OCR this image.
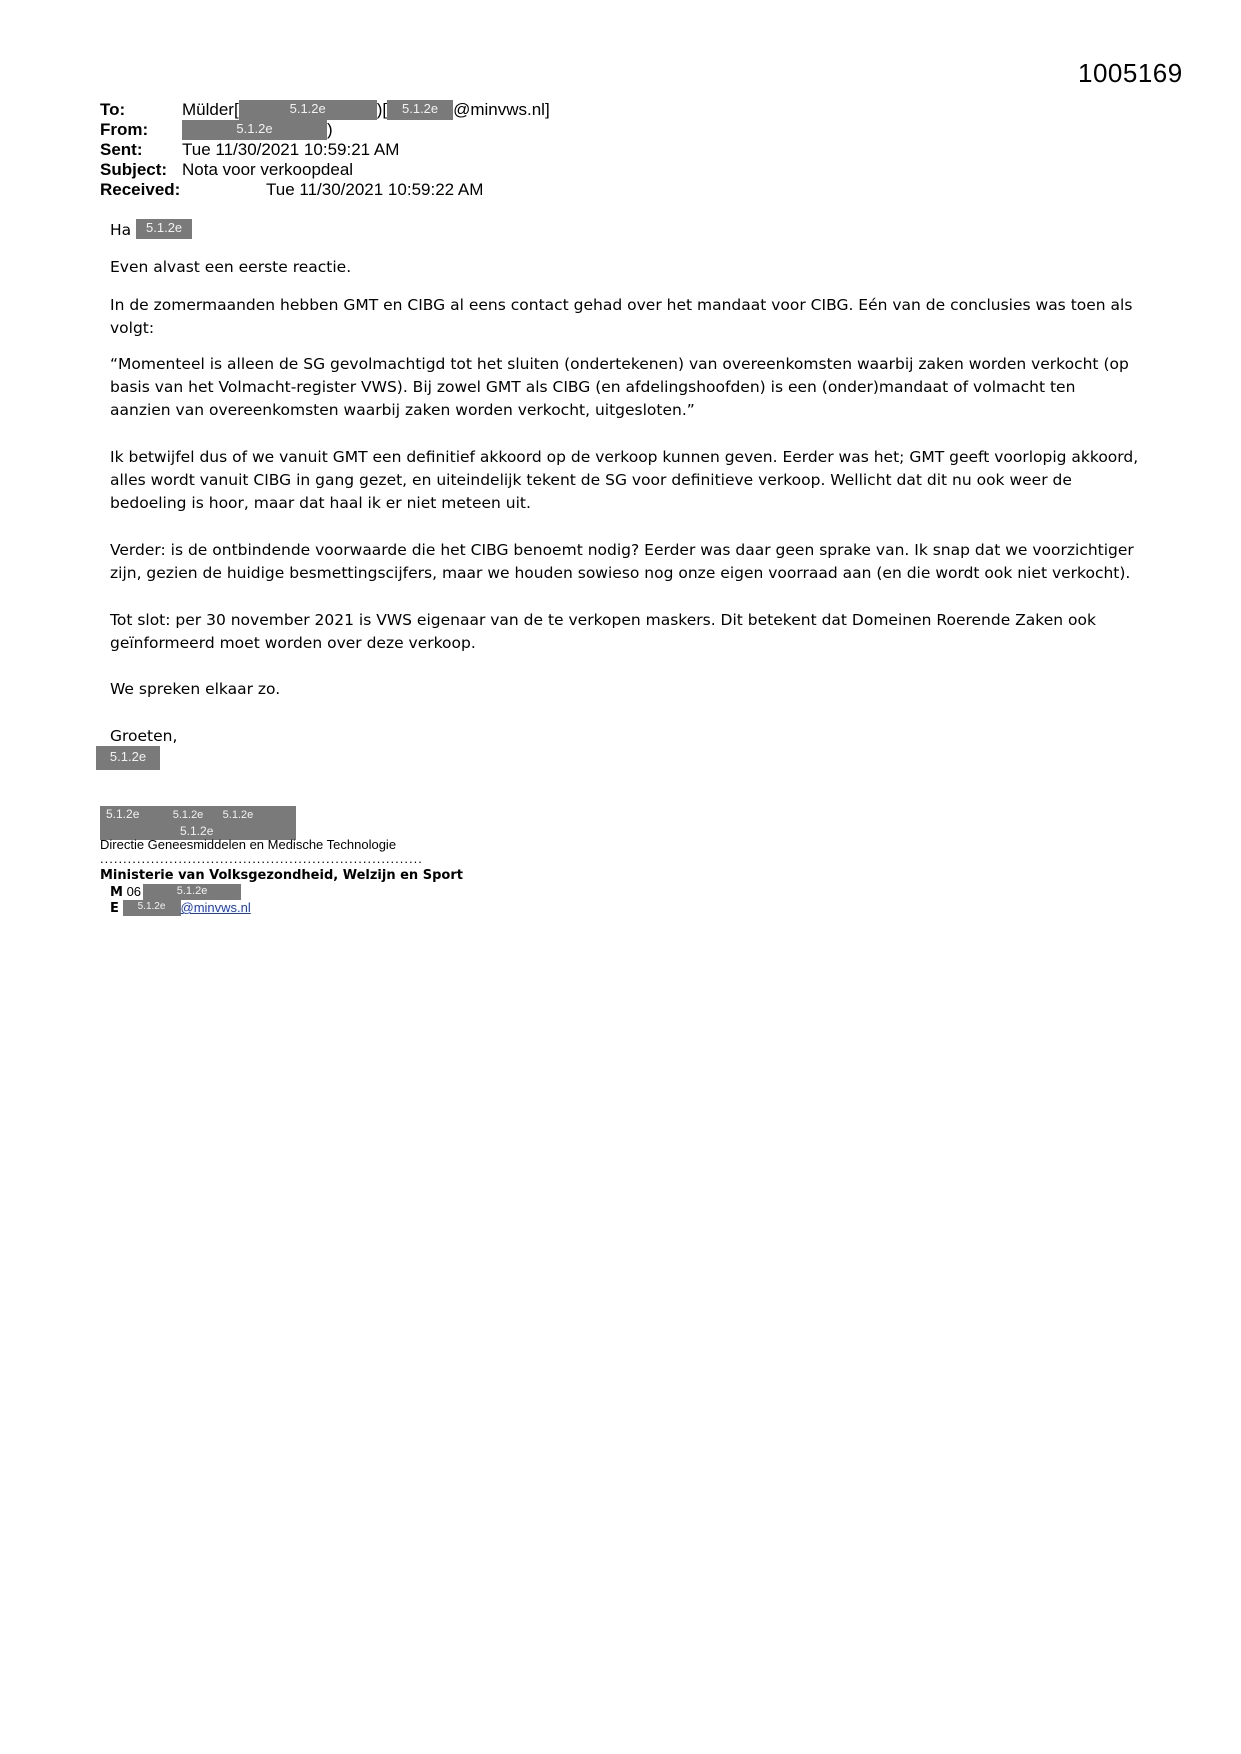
1005169
To:	Mülder[	5.1.2e	)[ 5.1.2e @minvws.nl]
From:	5.1.2e	)
Sent: Tue 11/30/2021 10:59:21 AM
Subject: Nota voor verkoopdeal
Received:	Tue 11/30/2021 10:59:22 AM
Ha 5.1.2e

Even alvast een eerste reactie.

In de zomermaanden hebben GMT en CIBG al eens contact gehad over het mandaat voor CIBG. Eén van de conclusies was toen als volgt:

“Momenteel is alleen de SG gevolmachtigd tot het sluiten (ondertekenen) van overeenkomsten waarbij zaken worden verkocht (op basis van het Volmacht-register VWS). Bij zowel GMT als CIBG (en afdelingshoofden) is een (onder)mandaat of volmacht ten aanzien van overeenkomsten waarbij zaken worden verkocht, uitgesloten.”

Ik betwijfel dus of we vanuit GMT een definitief akkoord op de verkoop kunnen geven. Eerder was het; GMT geeft voorlopig akkoord, alles wordt vanuit CIBG in gang gezet, en uiteindelijk tekent de SG voor definitieve verkoop. Wellicht dat dit nu ook weer de bedoeling is hoor, maar dat haal ik er niet meteen uit.

Verder: is de ontbindende voorwaarde die het CIBG benoemt nodig? Eerder was daar geen sprake van. Ik snap dat we voorzichtiger zijn, gezien de huidige besmettingscijfers, maar we houden sowieso nog onze eigen voorraad aan (en die wordt ook niet verkocht).

Tot slot: per 30 november 2021 is VWS eigenaar van de te verkopen maskers. Dit betekent dat Domeinen Roerende Zaken ook geïnformeerd moet worden over deze verkoop.

We spreken elkaar zo.

Groeten,

5.1.2e
5.1.2e	5.1.2e 5.1.2e
5.1.2e
Directie Geneesmiddelen en Medische Technologie
......................................................................
Ministerie van Volksgezondheid, Welzijn en Sport
M 06	5.1.2e
E 5.1.2e @minvws.nl
